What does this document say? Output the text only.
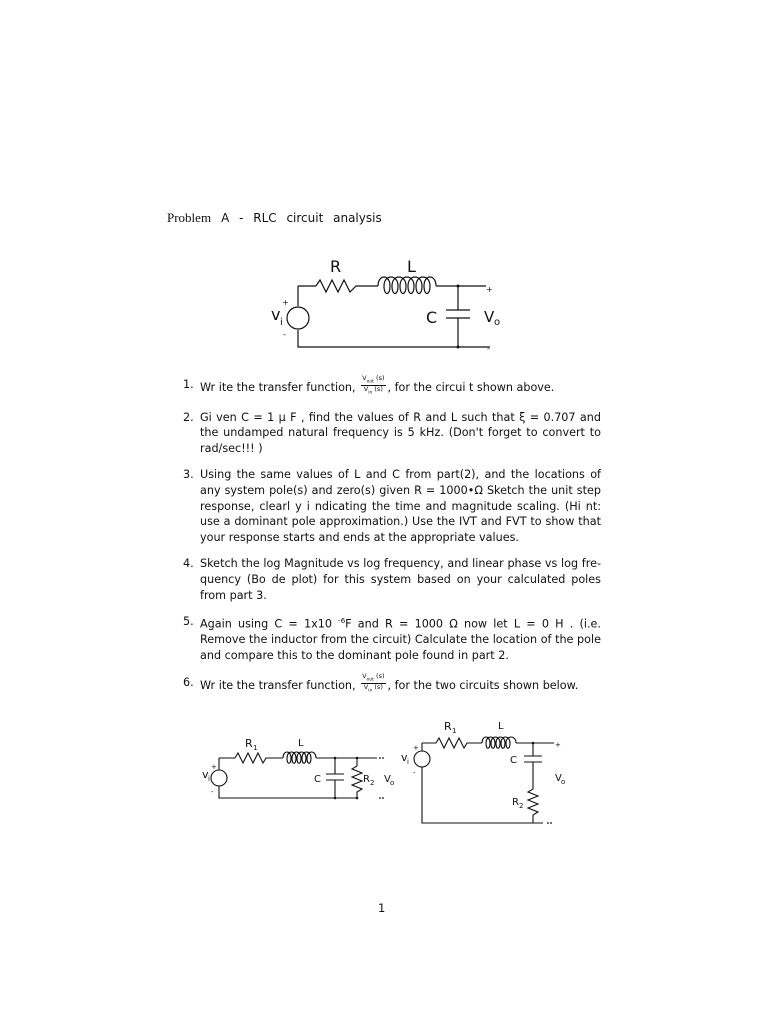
Problem A - RLC circuit analysis
R	L
C
v i	V o
+
-
+
-
1. Wr ite the transfer function, $\frac{V_{out} (s)}{V_{in} (s)}$ , for the circui t shown above.
2. Gi ven C = 1 µ F , find the values of R and L such that ξ = 0.707 and the undamped natural frequency is 5 kHz. (Don't forget to convert to rad/sec!!! )
3. Using the same values of L and C from part(2), and the locations of any system pole(s) and zero(s) given R = 1000•Ω Sketch the unit step response, clearl y i ndicating the time and magnitude scaling. (Hi nt: use a dominant pole approximation.) Use the IVT and FVT to show that your response starts and ends at the appropriate values.
4. Sketch the log Magnitude vs log frequency, and linear phase vs log fre- quency (Bo de plot) for this system based on your calculated poles from part 3.
5. Again using C = 1x10 $^{-6}$F and R = 1000 Ω now let L = 0 H . (i.e. Remove the inductor from the circuit) Calculate the location of the pole and compare this to the dominant pole found in part 2.
6. Wr ite the transfer function, $\frac{V_{out} (s)}{V_{in} (s)}$ , for the two circuits shown below.
R 1	L
C	R 2
v i	V o
+
-
R 1	L
C
R 2
v i
V o
+
-
+
1
